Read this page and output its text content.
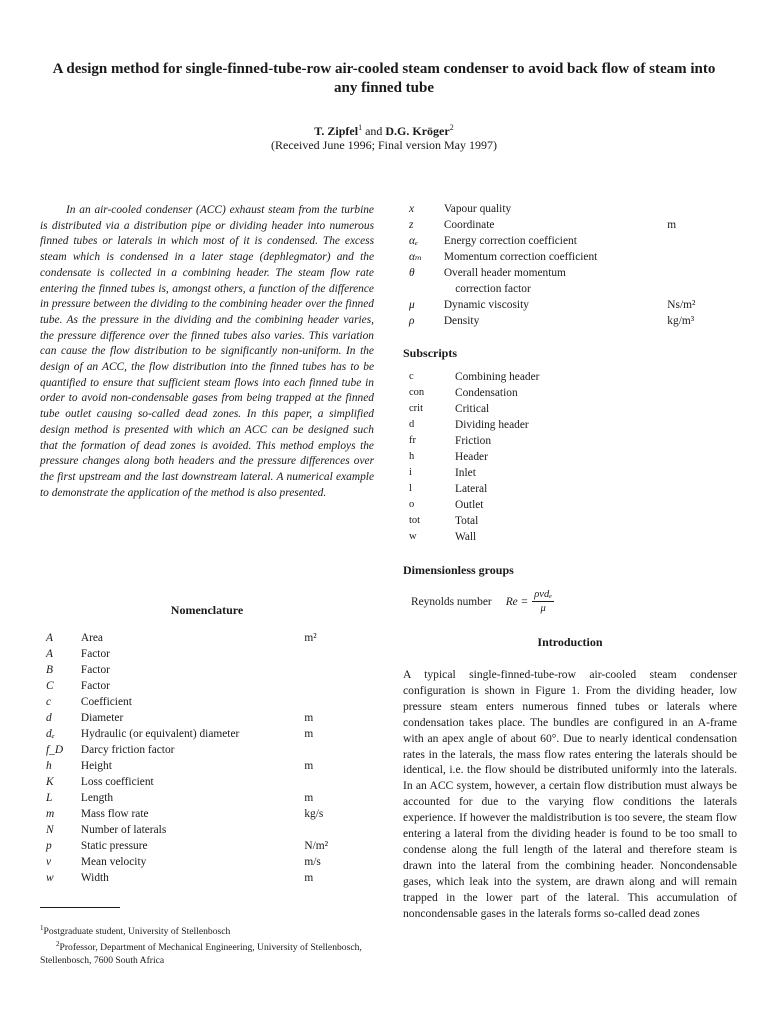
A design method for single-finned-tube-row air-cooled steam condenser to avoid back flow of steam into any finned tube
T. Zipfel$^1$ and D.G. Kröger$^2$
(Received June 1996; Final version May 1997)

In an air-cooled condenser (ACC) exhaust steam from the turbine is distributed via a distribution pipe or dividing header into numerous finned tubes or laterals in which most of it is condensed. The excess steam which is condensed in a later stage (dephlegmator) and the condensate is collected in a combining header. The steam flow rate entering the finned tubes is, amongst others, a function of the difference in pressure between the dividing to the combining header over the finned tube. As the pressure in the dividing and the combining header varies, the pressure difference over the finned tubes also varies. This variation can cause the flow distribution to be significantly non-uniform. In the design of an ACC, the flow distribution into the finned tubes has to be quantified to ensure that sufficient steam flows into each finned tube in order to avoid non-condensable gases from being trapped at the finned tube outlet causing so-called dead zones. In this paper, a simplified design method is presented with which an ACC can be designed such that the formation of dead zones is avoided. This method employs the pressure changes along both headers and the pressure differences over the first upstream and the last downstream lateral. A numerical example to demonstrate the application of the method is also presented.

Nomenclature

A	Area	m²
A	Factor	
B	Factor	
C	Factor	
c	Coefficient	
d	Diameter	m
dₑ	Hydraulic (or equivalent) diameter	m
f_D	Darcy friction factor	
h	Height	m
K	Loss coefficient	
L	Length	m
m	Mass flow rate	kg/s
N	Number of laterals	
p	Static pressure	N/m²
v	Mean velocity	m/s
w	Width	m
$^1$Postgraduate student, University of Stellenbosch
$^2$Professor, Department of Mechanical Engineering, University of Stellenbosch, Stellenbosch, 7600 South Africa
x	Vapour quality	
z	Coordinate	m
αₑ	Energy correction coefficient	
αₘ	Momentum correction coefficient	
θ	Overall header momentum	
	correction factor	
μ	Dynamic viscosity	Ns/m²
ρ	Density	kg/m³

Subscripts

c	Combining header
con	Condensation
crit	Critical
d	Dividing header
fr	Friction
h	Header
i	Inlet
l	Lateral
o	Outlet
tot	Total
w	Wall

Dimensionless groups

Reynolds number $Re = \frac{\text{ρvdₑ}}{\mu}$

Introduction

A typical single-finned-tube-row air-cooled steam condenser configuration is shown in Figure 1. From the dividing header, low pressure steam enters numerous finned tubes or laterals where condensation takes place. The bundles are configured in an A-frame with an apex angle of about 60°. Due to nearly identical condensation rates in the laterals, the mass flow rates entering the laterals should be identical, i.e. the flow should be distributed uniformly into the laterals. In an ACC system, however, a certain flow distribution must always be accounted for due to the varying flow conditions the laterals experience. If however the maldistribution is too severe, the steam flow entering a lateral from the dividing header is found to be too small to condense along the full length of the lateral and therefore steam is drawn into the lateral from the combining header. Noncondensable gases, which leak into the system, are drawn along and will remain trapped in the lower part of the lateral. This accumulation of noncondensable gases in the laterals forms so-called dead zones
